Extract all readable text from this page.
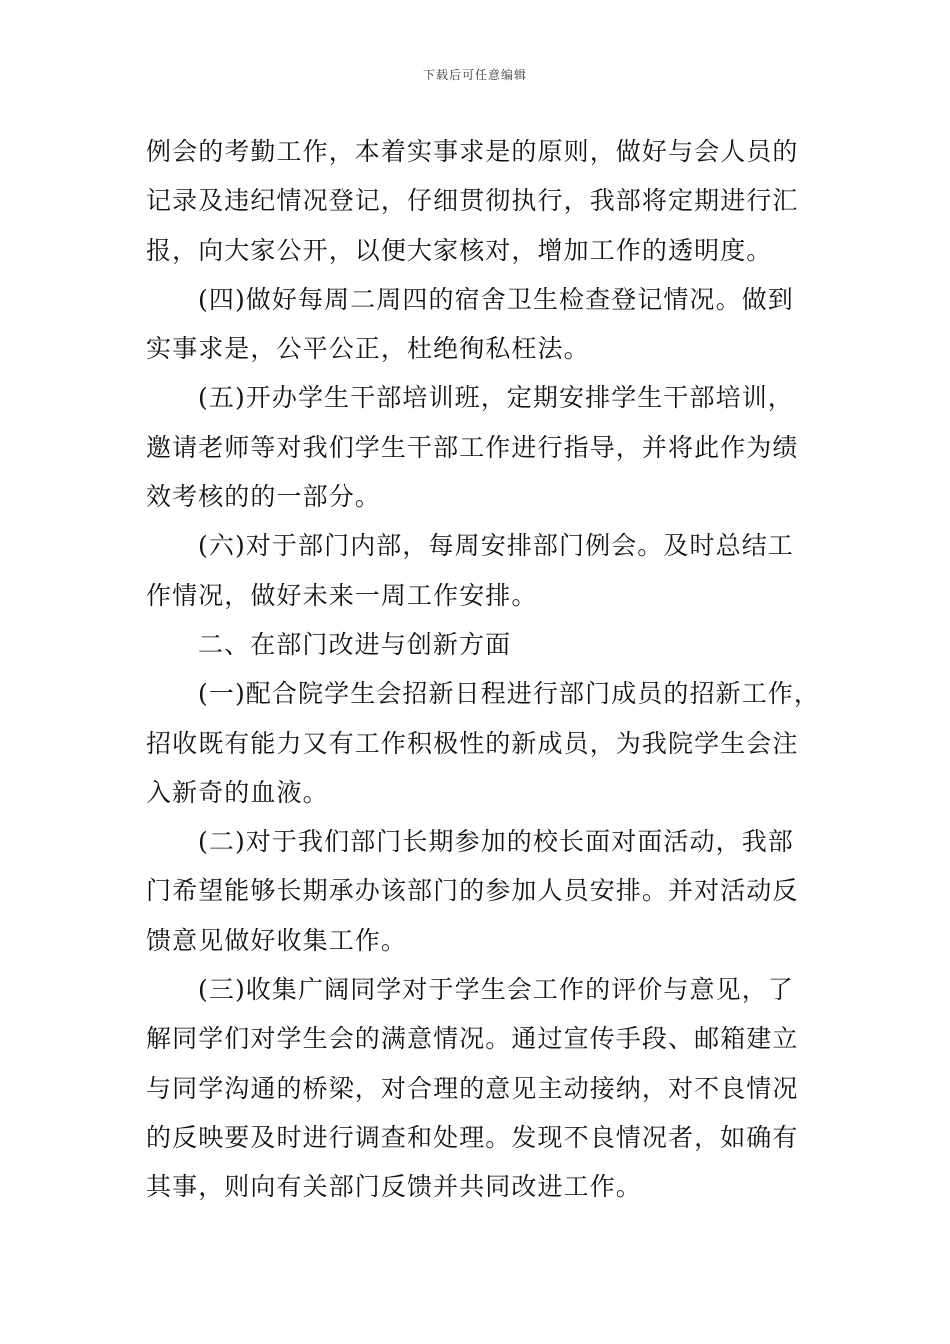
下载后可任意编辑
例会的考勤工作，本着实事求是的原则，做好与会人员的
记录及违纪情况登记，仔细贯彻执行，我部将定期进行汇
报，向大家公开，以便大家核对，增加工作的透明度。
(四)做好每周二周四的宿舍卫生检查登记情况。做到
实事求是，公平公正，杜绝徇私枉法。
(五)开办学生干部培训班，定期安排学生干部培训，
邀请老师等对我们学生干部工作进行指导，并将此作为绩
效考核的的一部分。
(六)对于部门内部，每周安排部门例会。及时总结工
作情况，做好未来一周工作安排。
二、在部门改进与创新方面
(一)配合院学生会招新日程进行部门成员的招新工作，
招收既有能力又有工作积极性的新成员，为我院学生会注
入新奇的血液。
(二)对于我们部门长期参加的校长面对面活动，我部
门希望能够长期承办该部门的参加人员安排。并对活动反
馈意见做好收集工作。
(三)收集广阔同学对于学生会工作的评价与意见，了
解同学们对学生会的满意情况。通过宣传手段、邮箱建立
与同学沟通的桥梁，对合理的意见主动接纳，对不良情况
的反映要及时进行调查和处理。发现不良情况者，如确有
其事，则向有关部门反馈并共同改进工作。
